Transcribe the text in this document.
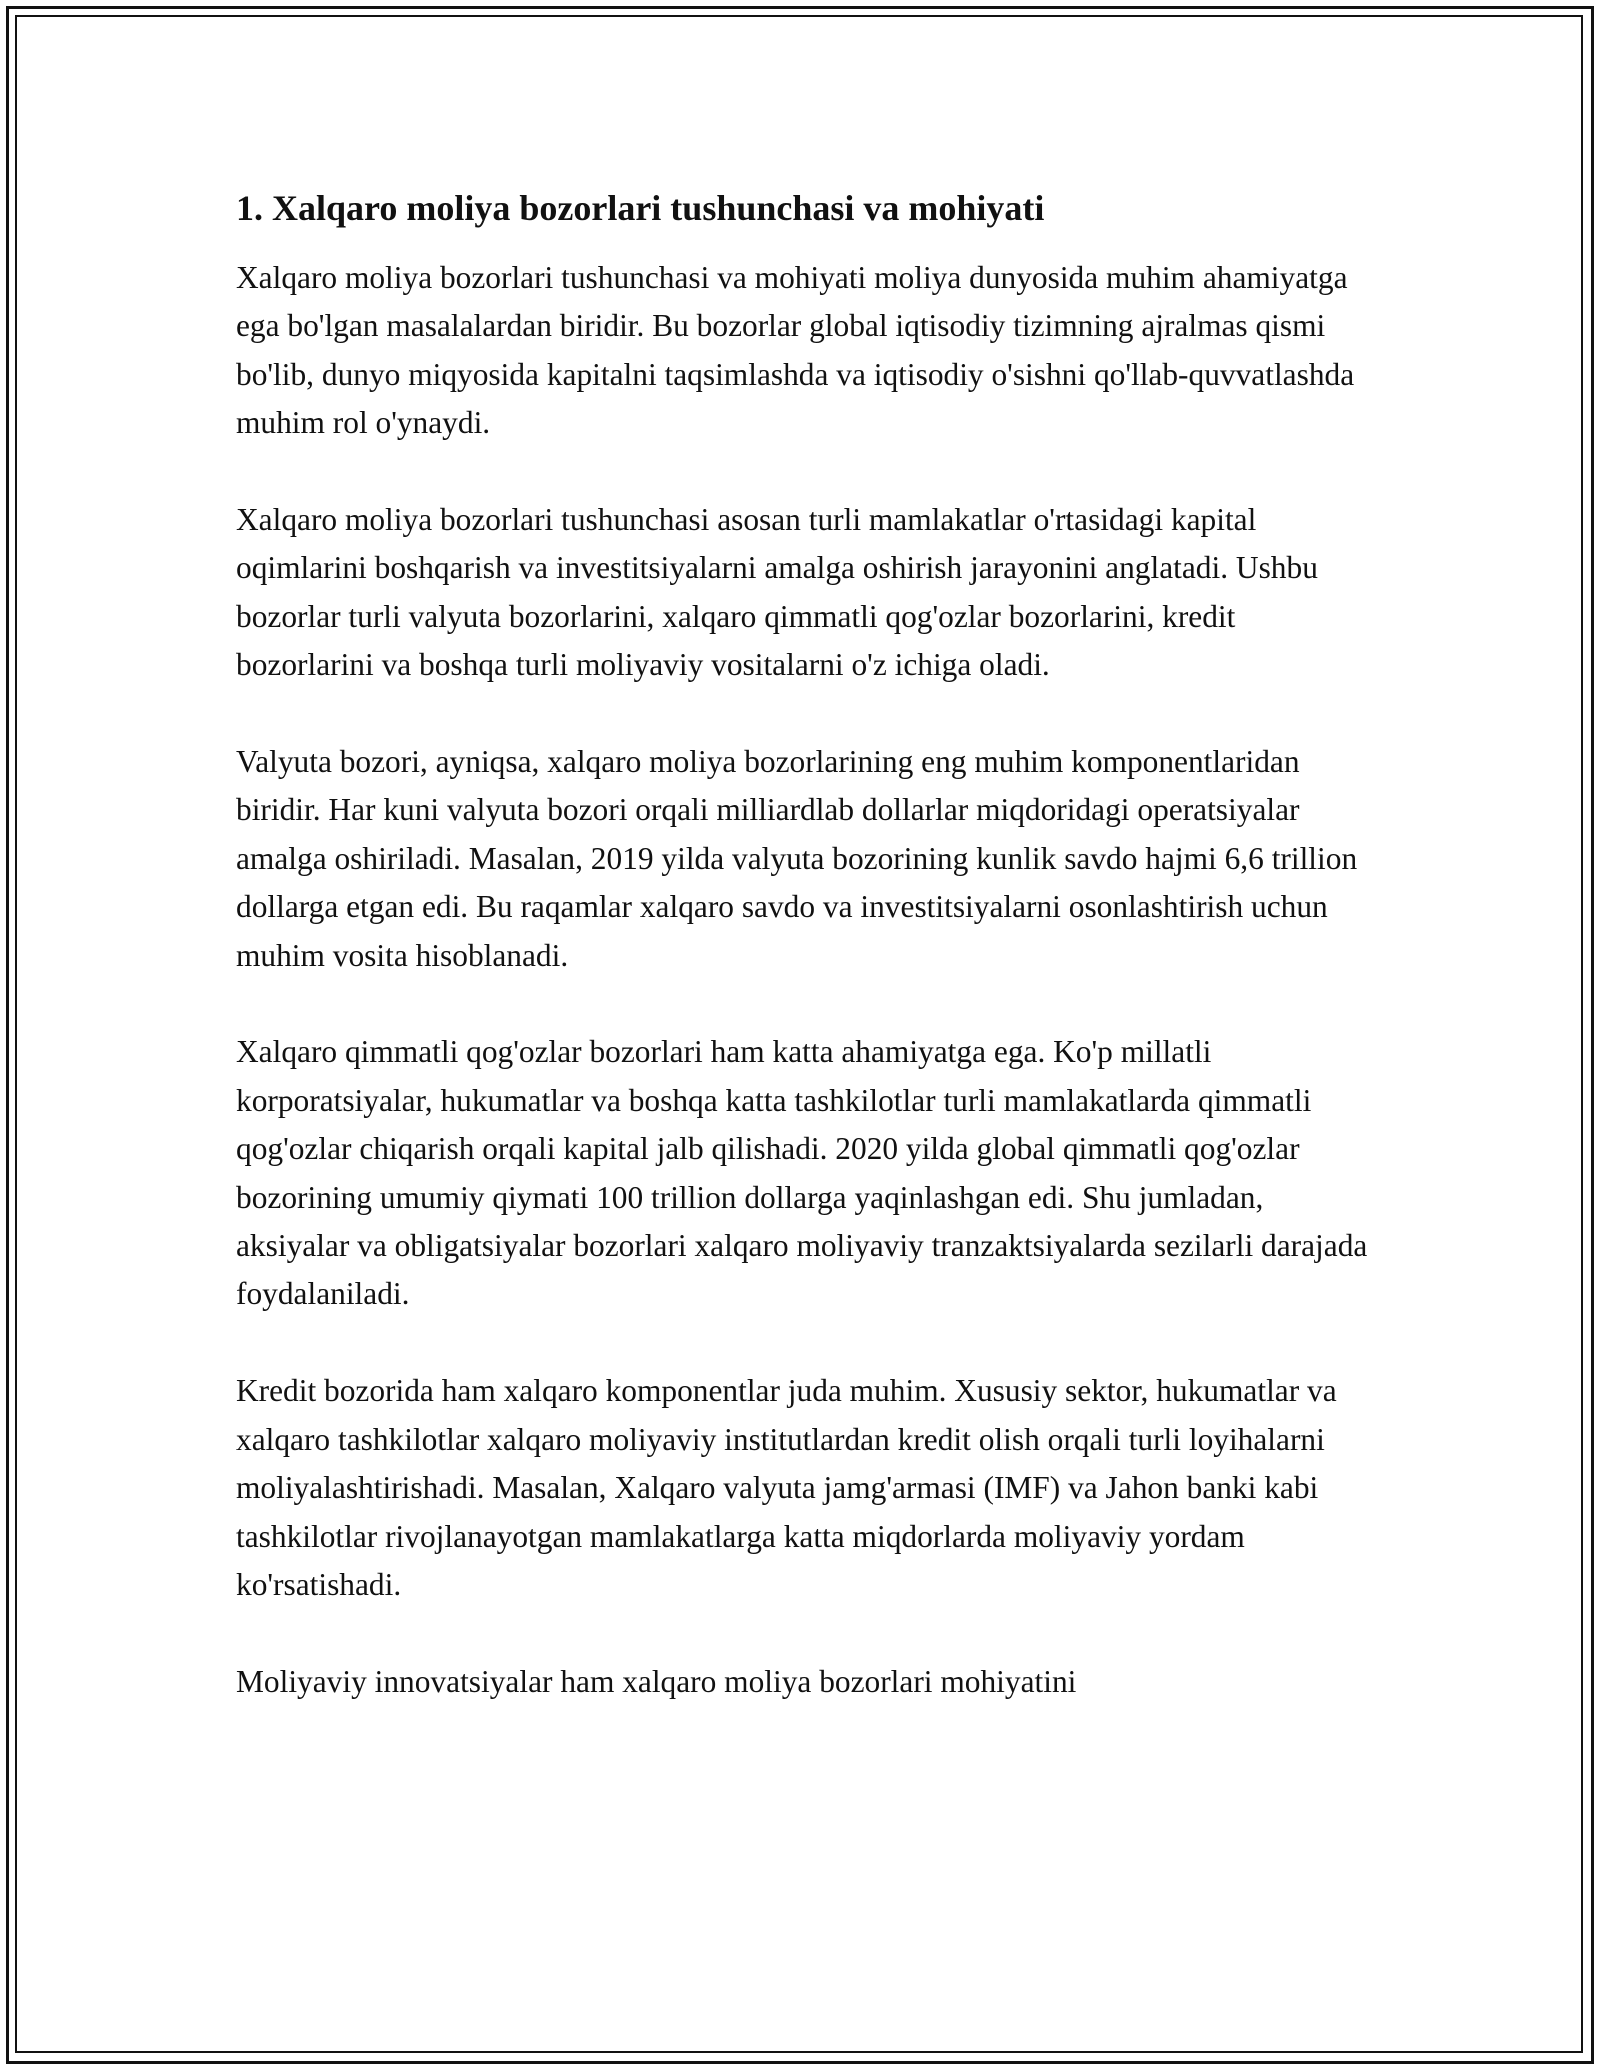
1. Xalqaro moliya bozorlari tushunchasi va mohiyati

Xalqaro moliya bozorlari tushunchasi va mohiyati moliya dunyosida muhim ahamiyatga ega bo'lgan masalalardan biridir. Bu bozorlar global iqtisodiy tizimning ajralmas qismi bo'lib, dunyo miqyosida kapitalni taqsimlashda va iqtisodiy o'sishni qo'llab-quvvatlashda muhim rol o'ynaydi.

Xalqaro moliya bozorlari tushunchasi asosan turli mamlakatlar o'rtasidagi kapital oqimlarini boshqarish va investitsiyalarni amalga oshirish jarayonini anglatadi. Ushbu bozorlar turli valyuta bozorlarini, xalqaro qimmatli qog'ozlar bozorlarini, kredit bozorlarini va boshqa turli moliyaviy vositalarni o'z ichiga oladi.

Valyuta bozori, ayniqsa, xalqaro moliya bozorlarining eng muhim komponentlaridan biridir. Har kuni valyuta bozori orqali milliardlab dollarlar miqdoridagi operatsiyalar amalga oshiriladi. Masalan, 2019 yilda valyuta bozorining kunlik savdo hajmi 6,6 trillion dollarga etgan edi. Bu raqamlar xalqaro savdo va investitsiyalarni osonlashtirish uchun muhim vosita hisoblanadi.

Xalqaro qimmatli qog'ozlar bozorlari ham katta ahamiyatga ega. Ko'p millatli korporatsiyalar, hukumatlar va boshqa katta tashkilotlar turli mamlakatlarda qimmatli qog'ozlar chiqarish orqali kapital jalb qilishadi. 2020 yilda global qimmatli qog'ozlar bozorining umumiy qiymati 100 trillion dollarga yaqinlashgan edi. Shu jumladan, aksiyalar va obligatsiyalar bozorlari xalqaro moliyaviy tranzaktsiyalarda sezilarli darajada foydalaniladi.

Kredit bozorida ham xalqaro komponentlar juda muhim. Xususiy sektor, hukumatlar va xalqaro tashkilotlar xalqaro moliyaviy institutlardan kredit olish orqali turli loyihalarni moliyalashtirishadi. Masalan, Xalqaro valyuta jamg'armasi (IMF) va Jahon banki kabi tashkilotlar rivojlanayotgan mamlakatlarga katta miqdorlarda moliyaviy yordam ko'rsatishadi.

Moliyaviy innovatsiyalar ham xalqaro moliya bozorlari mohiyatini
